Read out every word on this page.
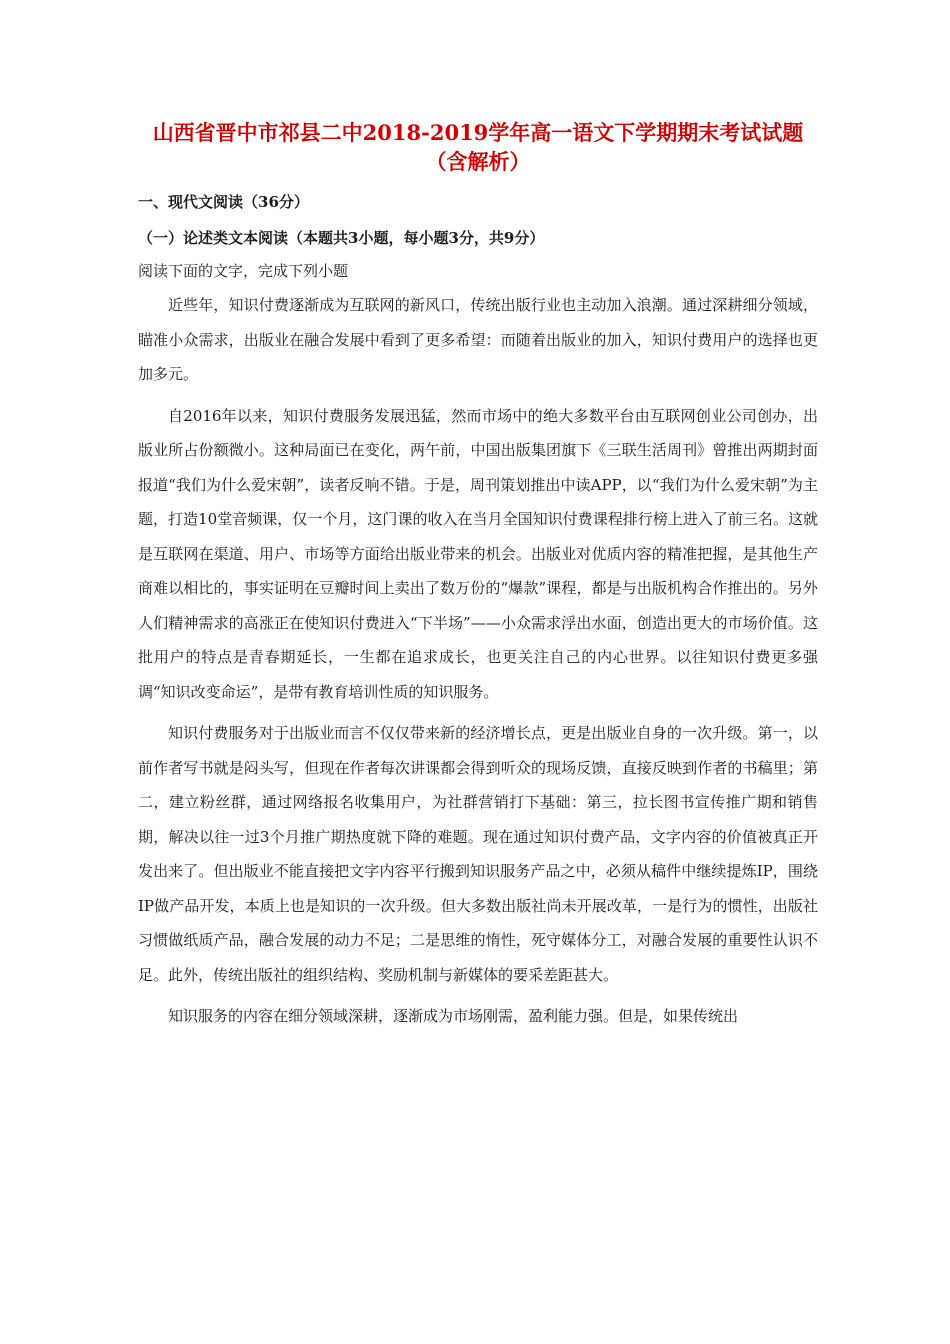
山西省晋中市祁县二中2018-2019学年高一语文下学期期末考试试题
（含解析）

一、现代文阅读（36分）

（一）论述类文本阅读（本题共3小题，每小题3分，共9分）

阅读下面的文字，完成下列小题

近些年，知识付费逐渐成为互联网的新风口，传统出版行业也主动加入浪潮。通过深耕细分领域，瞄准小众需求，出版业在融合发展中看到了更多希望：而随着出版业的加入，知识付费用户的选择也更加多元。

自2016年以来，知识付费服务发展迅猛，然而市场中的绝大多数平台由互联网创业公司创办，出版业所占份额微小。这种局面已在变化，两午前，中国出版集团旗下《三联生活周刊》曾推出两期封面报道“我们为什么爱宋朝”，读者反响不错。于是，周刊策划推出中读APP，以“我们为什么爱宋朝”为主题，打造10堂音频课，仅一个月，这门课的收入在当月全国知识付费课程排行榜上进入了前三名。这就是互联网在渠道、用户、市场等方面给出版业带来的机会。出版业对优质内容的精准把握，是其他生产商难以相比的，事实证明在豆瓣时间上卖出了数万份的“爆款”课程，都是与出版机构合作推出的。另外人们精神需求的高涨正在使知识付费进入“下半场”——小众需求浮出水面，创造出更大的市场价值。这批用户的特点是青春期延长，一生都在追求成长，也更关注自己的内心世界。以往知识付费更多强调“知识改变命运”，是带有教育培训性质的知识服务。

知识付费服务对于出版业而言不仅仅带来新的经济增长点，更是出版业自身的一次升级。第一，以前作者写书就是闷头写，但现在作者每次讲课都会得到听众的现场反馈，直接反映到作者的书稿里；第二，建立粉丝群，通过网络报名收集用户，为社群营销打下基础：第三，拉长图书宣传推广期和销售期，解决以往一过3个月推广期热度就下降的难题。现在通过知识付费产品，文字内容的价值被真正开发出来了。但出版业不能直接把文字内容平行搬到知识服务产品之中，必须从稿件中继续提炼IP，围绕IP做产品开发，本质上也是知识的一次升级。但大多数出版社尚未开展改革，一是行为的惯性，出版社习惯做纸质产品，融合发展的动力不足；二是思维的惰性，死守媒体分工，对融合发展的重要性认识不足。此外，传统出版社的组织结构、奖励机制与新媒体的要采差距甚大。

知识服务的内容在细分领域深耕，逐渐成为市场刚需，盈利能力强。但是，如果传统出
